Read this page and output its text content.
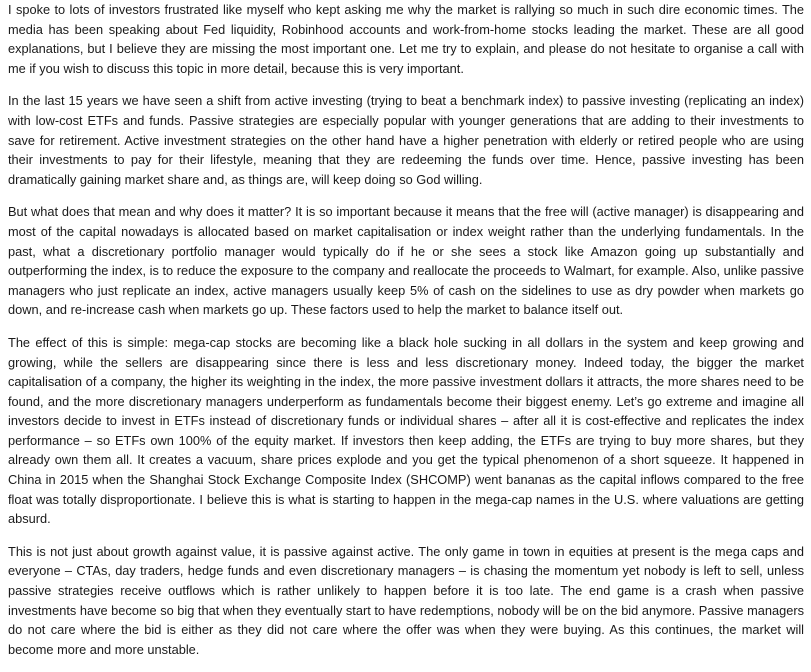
I spoke to lots of investors frustrated like myself who kept asking me why the market is rallying so much in such dire economic times. The media has been speaking about Fed liquidity, Robinhood accounts and work-from-home stocks leading the market. These are all good explanations, but I believe they are missing the most important one. Let me try to explain, and please do not hesitate to organise a call with me if you wish to discuss this topic in more detail, because this is very important.

In the last 15 years we have seen a shift from active investing (trying to beat a benchmark index) to passive investing (replicating an index) with low-cost ETFs and funds. Passive strategies are especially popular with younger generations that are adding to their investments to save for retirement. Active investment strategies on the other hand have a higher penetration with elderly or retired people who are using their investments to pay for their lifestyle, meaning that they are redeeming the funds over time. Hence, passive investing has been dramatically gaining market share and, as things are, will keep doing so God willing.

But what does that mean and why does it matter? It is so important because it means that the free will (active manager) is disappearing and most of the capital nowadays is allocated based on market capitalisation or index weight rather than the underlying fundamentals. In the past, what a discretionary portfolio manager would typically do if he or she sees a stock like Amazon going up substantially and outperforming the index, is to reduce the exposure to the company and reallocate the proceeds to Walmart, for example. Also, unlike passive managers who just replicate an index, active managers usually keep 5% of cash on the sidelines to use as dry powder when markets go down, and re-increase cash when markets go up. These factors used to help the market to balance itself out.

The effect of this is simple: mega-cap stocks are becoming like a black hole sucking in all dollars in the system and keep growing and growing, while the sellers are disappearing since there is less and less discretionary money. Indeed today, the bigger the market capitalisation of a company, the higher its weighting in the index, the more passive investment dollars it attracts, the more shares need to be found, and the more discretionary managers underperform as fundamentals become their biggest enemy. Let’s go extreme and imagine all investors decide to invest in ETFs instead of discretionary funds or individual shares – after all it is cost-effective and replicates the index performance – so ETFs own 100% of the equity market. If investors then keep adding, the ETFs are trying to buy more shares, but they already own them all. It creates a vacuum, share prices explode and you get the typical phenomenon of a short squeeze. It happened in China in 2015 when the Shanghai Stock Exchange Composite Index (SHCOMP) went bananas as the capital inflows compared to the free float was totally disproportionate. I believe this is what is starting to happen in the mega-cap names in the U.S. where valuations are getting absurd.

This is not just about growth against value, it is passive against active. The only game in town in equities at present is the mega caps and everyone – CTAs, day traders, hedge funds and even discretionary managers – is chasing the momentum yet nobody is left to sell, unless passive strategies receive outflows which is rather unlikely to happen before it is too late. The end game is a crash when passive investments have become so big that when they eventually start to have redemptions, nobody will be on the bid anymore. Passive managers do not care where the bid is either as they did not care where the offer was when they were buying. As this continues, the market will become more and more unstable.
